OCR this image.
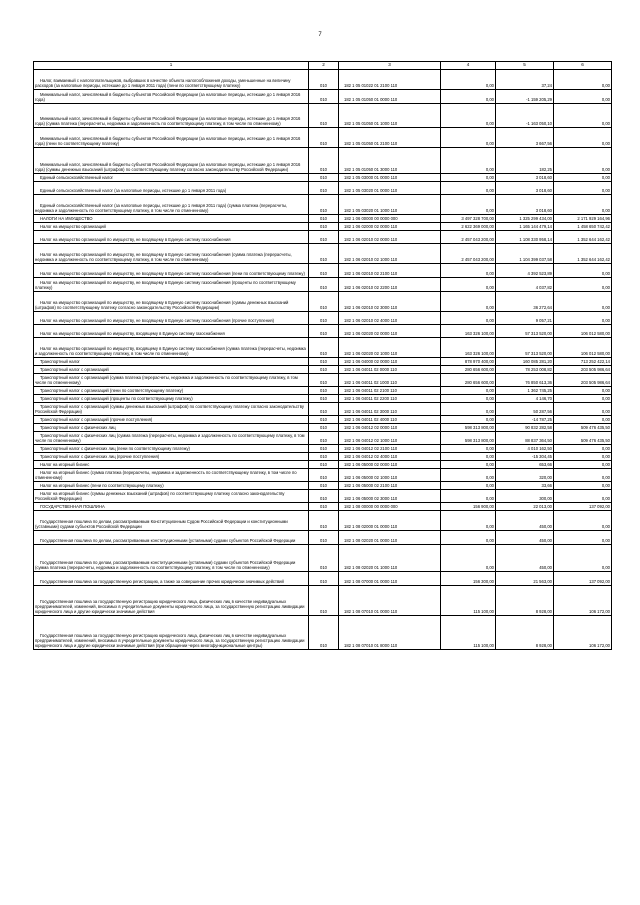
7
1	2	3	4	5	6
Налог, взимаемый с налогоплательщиков, выбравших в качестве объекта налогообложения доходы, уменьшенные на величину расходов (за налоговые периоды, истекшие до 1 января 2011 года) (пени по соответствующему платежу)	010	182 1 05 01022 01 2100 110	0,00	37,24	0,00
Минимальный налог, зачисляемый в бюджеты субъектов Российской Федерации (за налоговые периоды, истекшие до 1 января 2016 года)	010	182 1 05 01050 01 0000 110	0,00	-1 159 205,29	0,00
Минимальный налог, зачисляемый в бюджеты субъектов Российской Федерации (за налоговые периоды, истекшие до 1 января 2016 года) (сумма платежа (перерасчеты, недоимка и задолженность по соответствующему платежу, в том числе по отмененному)	010	182 1 05 01050 01 1000 110	0,00	-1 163 050,10	0,00
Минимальный налог, зачисляемый в бюджеты субъектов Российской Федерации (за налоговые периоды, истекшие до 1 января 2016 года) (пени по соответствующему платежу)	010	182 1 05 01050 01 2100 110	0,00	3 667,56	0,00
Минимальный налог, зачисляемый в бюджеты субъектов Российской Федерации (за налоговые периоды, истекшие до 1 января 2016 года) (суммы денежных взысканий (штрафов) по соответствующему платежу согласно законодательству Российской Федерации)	010	182 1 05 01050 01 3000 110	0,00	182,25	0,00
Единый сельскохозяйственный налог	010	182 1 05 03000 01 0000 110	0,00	3 018,60	0,00
Единый сельскохозяйственный налог (за налоговые периоды, истекшие до 1 января 2011 года)	010	182 1 05 03020 01 0000 110	0,00	3 018,60	0,00
Единый сельскохозяйственный налог (за налоговые периоды, истекшие до 1 января 2011 года) (сумма платежа (перерасчеты, недоимка и задолженность по соответствующему платежу, в том числе по отмененному)	010	182 1 05 03020 01 1000 110	0,00	3 018,60	0,00
НАЛОГИ НА ИМУЩЕСТВО	010	182 1 06 00000 00 0000 000	3 497 328 700,00	1 325 299 434,00	2 171 929 164,96
Налог на имущество организаций	010	182 1 06 02000 02 0000 110	2 622 369 000,00	1 165 144 479,14	1 458 650 742,42
Налог на имущество организаций по имуществу, не входящему в Единую систему газоснабжения	010	182 1 06 02010 02 0000 110	2 457 043 200,00	1 108 330 958,14	1 352 644 162,42
Налог на имущество организаций по имуществу, не входящему в Единую систему газоснабжения (сумма платежа (перерасчеты, недоимка и задолженность по соответствующему платежу, в том числе по отмененному)	010	182 1 06 02010 02 1000 110	2 457 043 200,00	1 104 399 037,58	1 352 644 162,42
Налог на имущество организаций по имуществу, не входящему в Единую систему газоснабжения (пени по соответствующему платежу)	010	182 1 06 02010 02 2100 110	0,00	4 392 523,89	0,00
Налог на имущество организаций по имуществу, не входящему в Единую систему газоснабжения (проценты по соответствующему платежу)	010	182 1 06 02010 02 2200 110	0,00	4 037,82	0,00
Налог на имущество организаций по имуществу, не входящему в Единую систему газоснабжения (суммы денежных взысканий (штрафов) по соответствующему платежу согласно законодательству Российской Федерации)	010	182 1 06 02010 02 3000 110	0,00	36 272,64	0,00
Налог на имущество организаций по имуществу, не входящему в Единую систему газоснабжения (прочие поступления)	010	182 1 06 02010 02 4000 110	0,00	9 057,21	0,00
Налог на имущество организаций по имуществу, входящему в Единую систему газоснабжения	010	182 1 06 02020 02 0000 110	163 326 100,00	57 313 520,00	106 012 580,00
Налог на имущество организаций по имуществу, входящему в Единую систему газоснабжения (сумма платежа (перерасчеты, недоимка и задолженность по соответствующему платежу, в том числе по отмененному)	010	182 1 06 02020 02 1000 110	163 326 100,00	57 313 520,00	106 012 580,00
Транспортный налог	010	182 1 06 04000 02 0000 110	878 970 400,00	160 085 281,20	713 252 422,14
Транспортный налог с организаций	010	182 1 06 04011 02 0000 110	280 656 600,00	78 253 008,82	203 505 986,64
Транспортный налог с организаций (сумма платежа (перерасчеты, недоимка и задолженность по соответствующему платежу, в том числе по отмененному)	010	182 1 06 04011 02 1000 110	280 656 600,00	76 850 613,36	203 505 986,64
Транспортный налог с организаций (пени по соответствующему платежу)	010	182 1 06 04011 02 2100 110	0,00	1 362 745,25	0,00
Транспортный налог с организаций (проценты по соответствующему платежу)	010	182 1 06 04011 02 2200 110	0,00	4 146,70	0,00
Транспортный налог с организаций (суммы денежных взысканий (штрафов) по соответствующему платежу согласно законодательству Российской Федерации)	010	182 1 06 04011 02 3000 110	0,00	50 287,56	0,00
Транспортный налог с организаций (прочие поступления)	010	182 1 06 04011 02 4000 110	0,00	-14 787,25	0,00
Транспортный налог с физических лиц	010	182 1 06 04012 02 0000 110	598 313 800,00	90 832 282,58	509 476 435,50
Транспортный налог с физических лиц (сумма платежа (перерасчеты, недоимка и задолженность по соответствующему платежу, в том числе по отмененному)	010	182 1 06 04012 02 1000 110	598 313 800,00	88 837 364,50	509 476 435,50
Транспортный налог с физических лиц (пени по соответствующему платежу)	010	182 1 06 04012 02 2100 110	0,00	4 010 162,50	0,00
Транспортный налог с физических лиц (прочие поступления)	010	182 1 06 04012 02 4000 110	0,00	-15 304,45	0,00
Налог на игорный бизнес	010	182 1 06 05000 02 0000 110	0,00	653,66	0,00
Налог на игорный бизнес (сумма платежа (перерасчеты, недоимка и задолженность по соответствующему платежу, в том числе по отмененному)	010	182 1 06 05000 02 1000 110	0,00	320,00	0,00
Налог на игорный бизнес (пени по соответствующему платежу)	010	182 1 06 05000 02 2100 110	0,00	33,66	0,00
Налог на игорный бизнес (суммы денежных взысканий (штрафов) по соответствующему платежу согласно законодательству Российской Федерации)	010	182 1 06 05000 02 3000 110	0,00	300,00	0,00
ГОСУДАРСТВЕННАЯ ПОШЛИНА	010	182 1 08 00000 00 0000 000	156 900,00	22 013,00	137 092,00
Государственная пошлина по делам, рассматриваемым Конституционным Судом Российской Федерации и конституционными (уставными) судами субъектов Российской Федерации	010	182 1 08 02000 01 0000 110	0,00	450,00	0,00
Государственная пошлина по делам, рассматриваемым конституционными (уставными) судами субъектов Российской Федерации	010	182 1 08 02020 01 0000 110	0,00	450,00	0,00
Государственная пошлина по делам, рассматриваемым конституционными (уставными) судами субъектов Российской Федерации (сумма платежа (перерасчеты, недоимка и задолженность по соответствующему платежу, в том числе по отмененному)	010	182 1 08 02020 01 1000 110	0,00	450,00	0,00
Государственная пошлина за государственную регистрацию, а также за совершение прочих юридически значимых действий	010	182 1 08 07000 01 0000 110	156 300,00	21 563,00	137 092,00
Государственная пошлина за государственную регистрацию юридического лица, физических лиц в качестве индивидуальных предпринимателей, изменений, вносимых в учредительные документы юридического лица, за государственную регистрацию ликвидации юридического лица и другие юридически значимые действия	010	182 1 08 07010 01 0000 110	115 100,00	8 928,00	106 172,00
Государственная пошлина за государственную регистрацию юридического лица, физических лиц в качестве индивидуальных предпринимателей, изменений, вносимых в учредительные документы юридического лица, за государственную регистрацию ликвидации юридического лица и другие юридически значимые действия (при обращении через многофункциональные центры)	010	182 1 08 07010 01 8000 110	115 100,00	8 928,00	106 172,00
